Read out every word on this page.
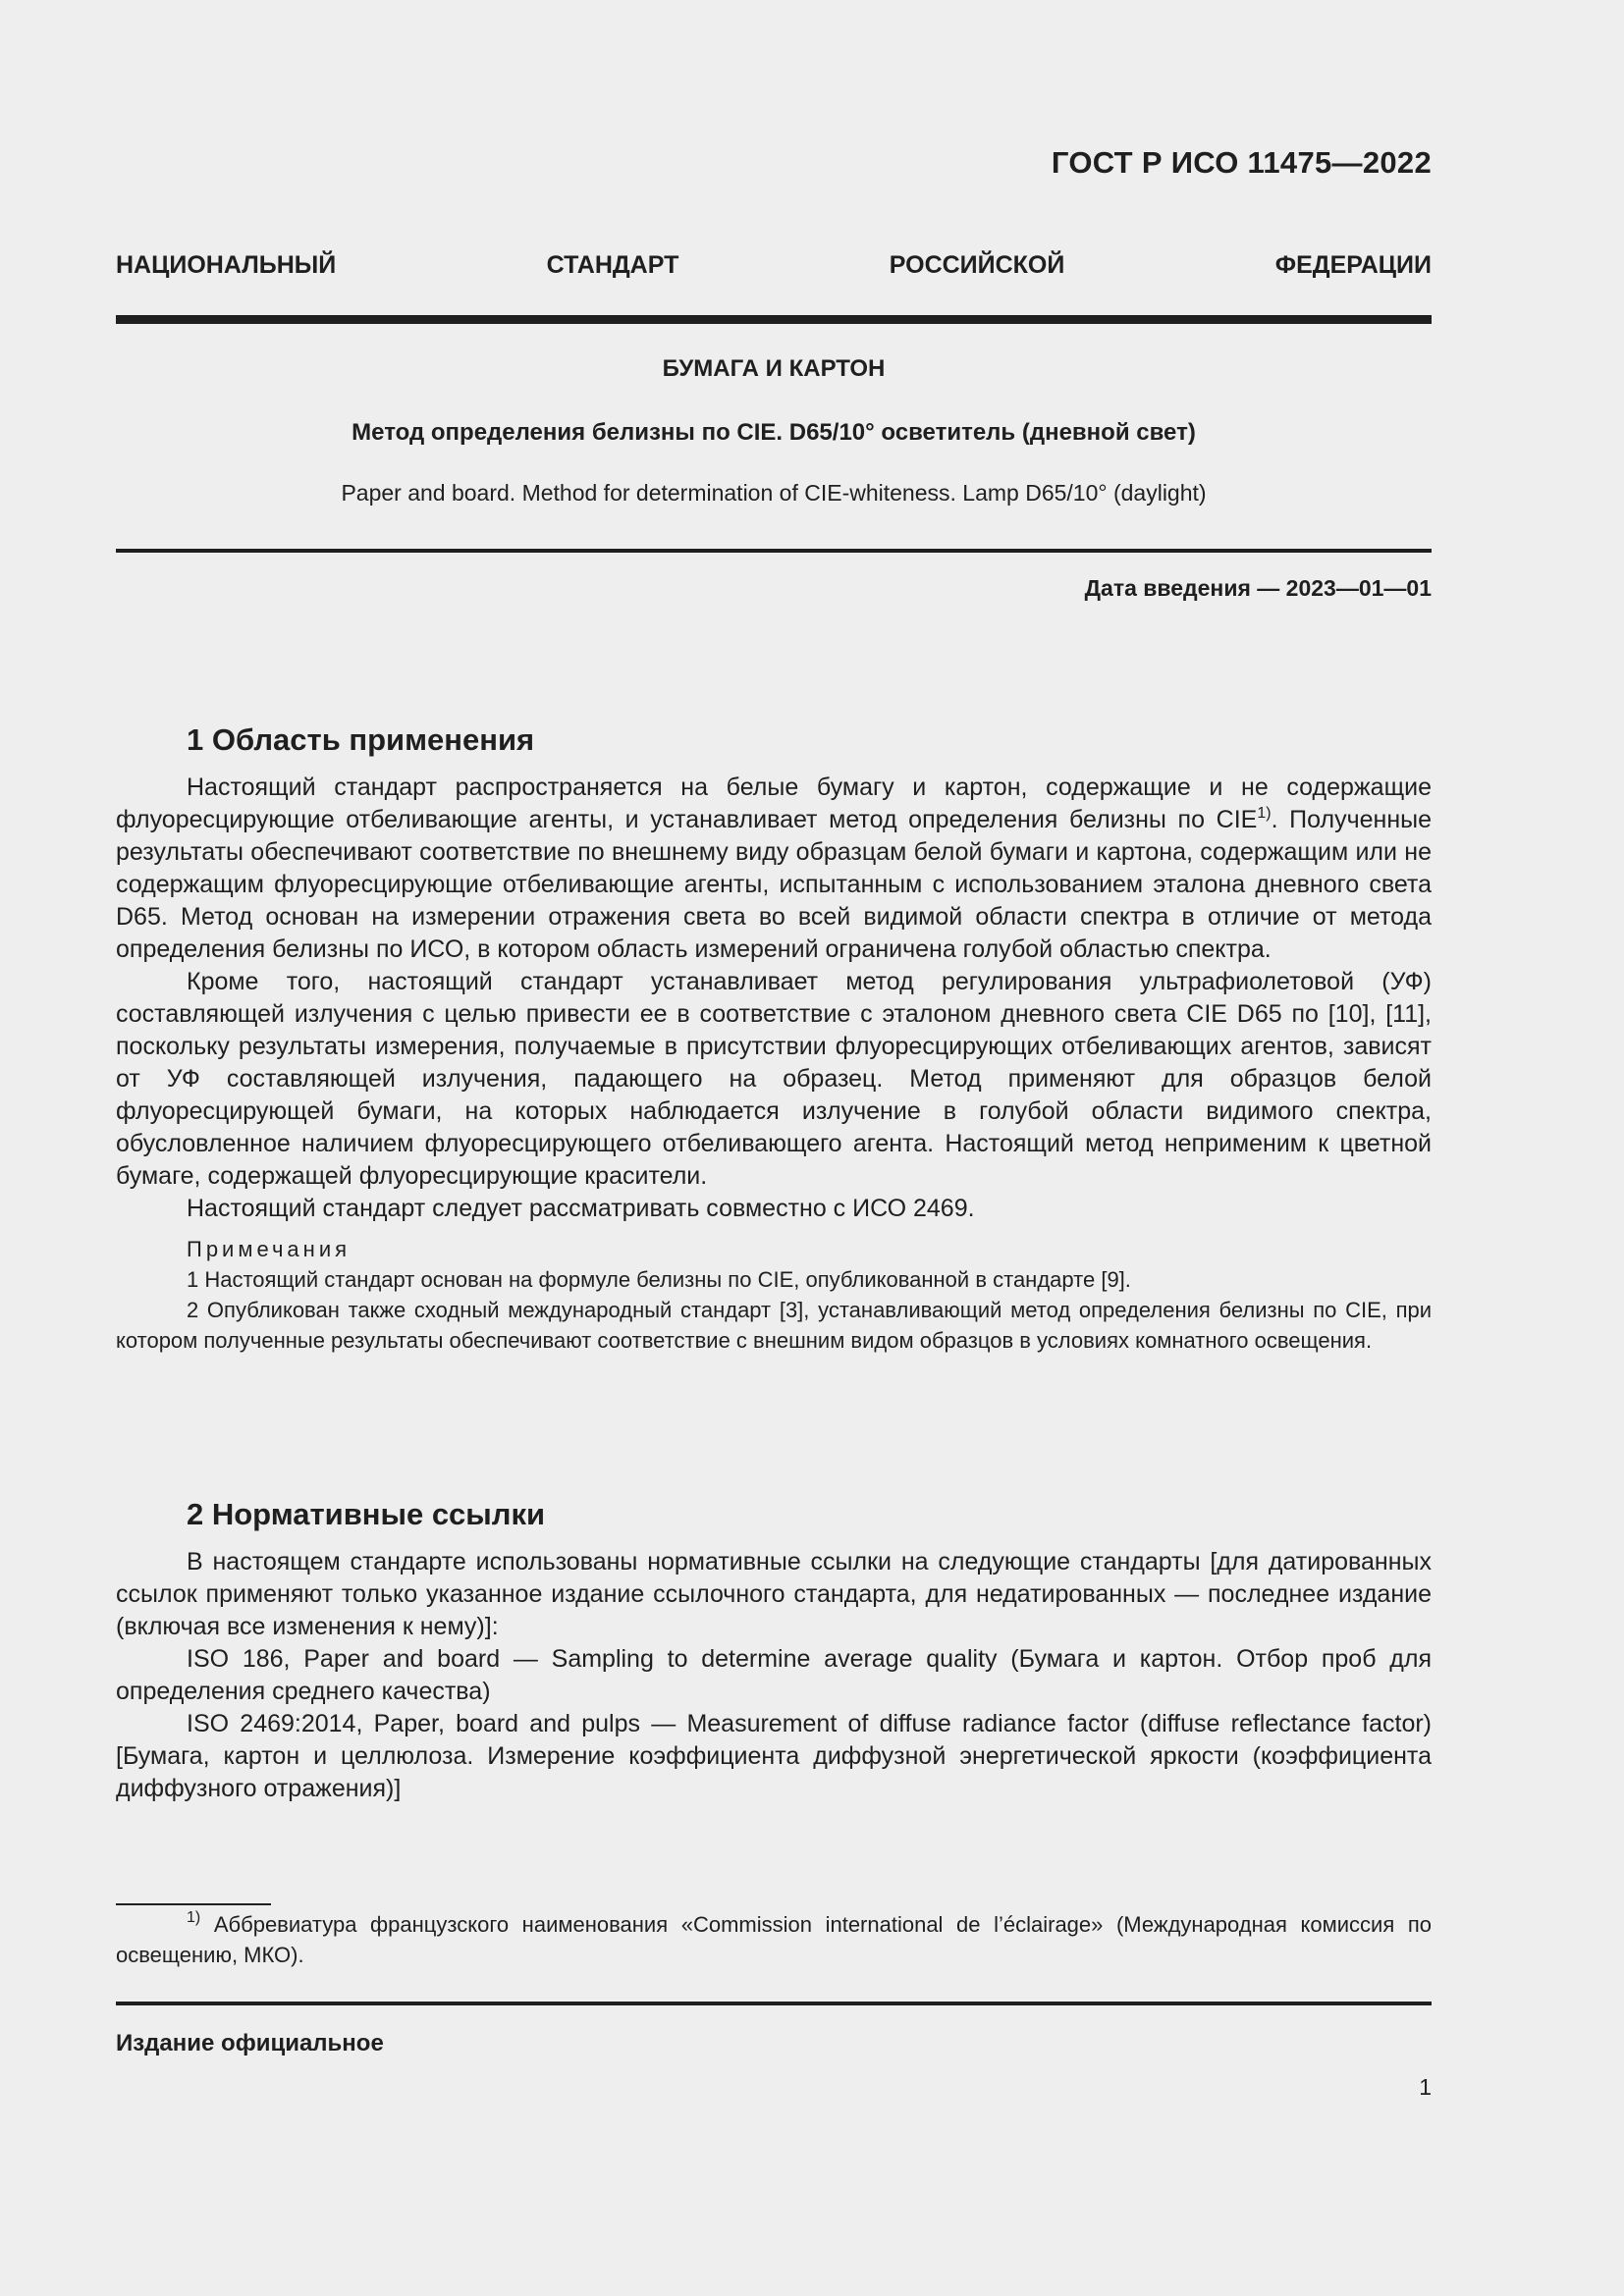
ГОСТ Р ИСО 11475—2022
НАЦИОНАЛЬНЫЙ СТАНДАРТ РОССИЙСКОЙ ФЕДЕРАЦИИ
БУМАГА И КАРТОН
Метод определения белизны по CIE. D65/10° осветитель (дневной свет)
Paper and board. Method for determination of CIE-whiteness. Lamp D65/10° (daylight)
Дата введения — 2023—01—01
1 Область применения

Настоящий стандарт распространяется на белые бумагу и картон, содержащие и не содержащие флуоресцирующие отбеливающие агенты, и устанавливает метод определения белизны по CIE$^{1)}$. Полученные результаты обеспечивают соответствие по внешнему виду образцам белой бумаги и картона, содержащим или не содержащим флуоресцирующие отбеливающие агенты, испытанным с использованием эталона дневного света D65. Метод основан на измерении отражения света во всей видимой области спектра в отличие от метода определения белизны по ИСО, в котором область измерений ограничена голубой областью спектра.

Кроме того, настоящий стандарт устанавливает метод регулирования ультрафиолетовой (УФ) составляющей излучения с целью привести ее в соответствие с эталоном дневного света CIE D65 по [10], [11], поскольку результаты измерения, получаемые в присутствии флуоресцирующих отбеливающих агентов, зависят от УФ составляющей излучения, падающего на образец. Метод применяют для образцов белой флуоресцирующей бумаги, на которых наблюдается излучение в голубой области видимого спектра, обусловленное наличием флуоресцирующего отбеливающего агента. Настоящий метод неприменим к цветной бумаге, содержащей флуоресцирующие красители.

Настоящий стандарт следует рассматривать совместно с ИСО 2469.

Примечания

1 Настоящий стандарт основан на формуле белизны по CIE, опубликованной в стандарте [9].

2 Опубликован также сходный международный стандарт [3], устанавливающий метод определения белизны по CIE, при котором полученные результаты обеспечивают соответствие с внешним видом образцов в условиях комнатного освещения.

2 Нормативные ссылки

В настоящем стандарте использованы нормативные ссылки на следующие стандарты [для датированных ссылок применяют только указанное издание ссылочного стандарта, для недатированных — последнее издание (включая все изменения к нему)]:

ISO 186, Paper and board — Sampling to determine average quality (Бумага и картон. Отбор проб для определения среднего качества)

ISO 2469:2014, Paper, board and pulps — Measurement of diffuse radiance factor (diffuse reflectance factor) [Бумага, картон и целлюлоза. Измерение коэффициента диффузной энергетической яркости (коэффициента диффузного отражения)]

$^{1)}$ Аббревиатура французского наименования «Commission international de l’éclairage» (Международная комиссия по освещению, МКО).

Издание официальное
1
